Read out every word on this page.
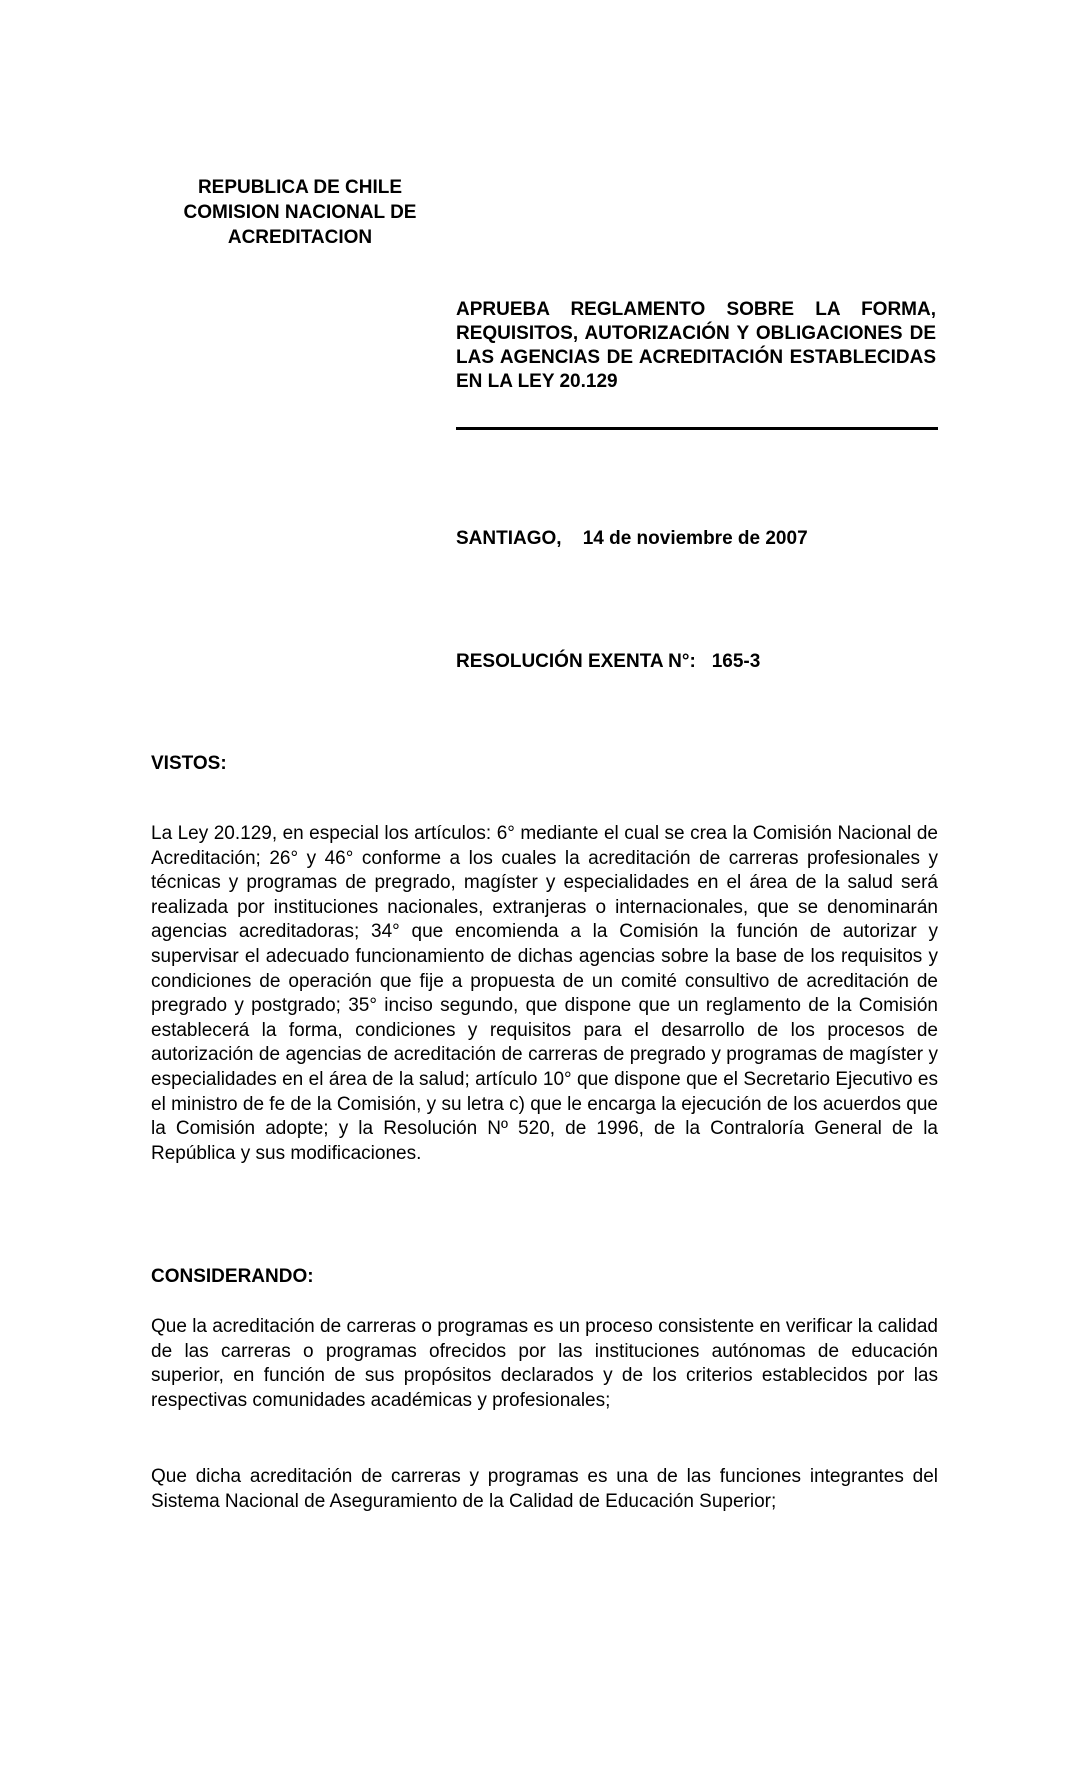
REPUBLICA DE CHILE
COMISION NACIONAL DE
ACREDITACION
APRUEBA REGLAMENTO SOBRE LA FORMA, REQUISITOS, AUTORIZACIÓN Y OBLIGACIONES DE LAS AGENCIAS DE ACREDITACIÓN ESTABLECIDAS EN LA LEY 20.129
SANTIAGO, 14 de noviembre de 2007
RESOLUCIÓN EXENTA N°: 165-3
VISTOS:
La Ley 20.129, en especial los artículos: 6° mediante el cual se crea la Comisión Nacional de Acreditación; 26° y 46° conforme a los cuales la acreditación de carreras profesionales y técnicas y programas de pregrado, magíster y especialidades en el área de la salud será realizada por instituciones nacionales, extranjeras o internacionales, que se denominarán agencias acreditadoras; 34° que encomienda a la Comisión la función de autorizar y supervisar el adecuado funcionamiento de dichas agencias sobre la base de los requisitos y condiciones de operación que fije a propuesta de un comité consultivo de acreditación de pregrado y postgrado; 35° inciso segundo, que dispone que un reglamento de la Comisión establecerá la forma, condiciones y requisitos para el desarrollo de los procesos de autorización de agencias de acreditación de carreras de pregrado y programas de magíster y especialidades en el área de la salud; artículo 10° que dispone que el Secretario Ejecutivo es el ministro de fe de la Comisión, y su letra c) que le encarga la ejecución de los acuerdos que la Comisión adopte; y la Resolución Nº 520, de 1996, de la Contraloría General de la República y sus modificaciones.
CONSIDERANDO:
Que la acreditación de carreras o programas es un proceso consistente en verificar la calidad de las carreras o programas ofrecidos por las instituciones autónomas de educación superior, en función de sus propósitos declarados y de los criterios establecidos por las respectivas comunidades académicas y profesionales;
Que dicha acreditación de carreras y programas es una de las funciones integrantes del Sistema Nacional de Aseguramiento de la Calidad de Educación Superior;
